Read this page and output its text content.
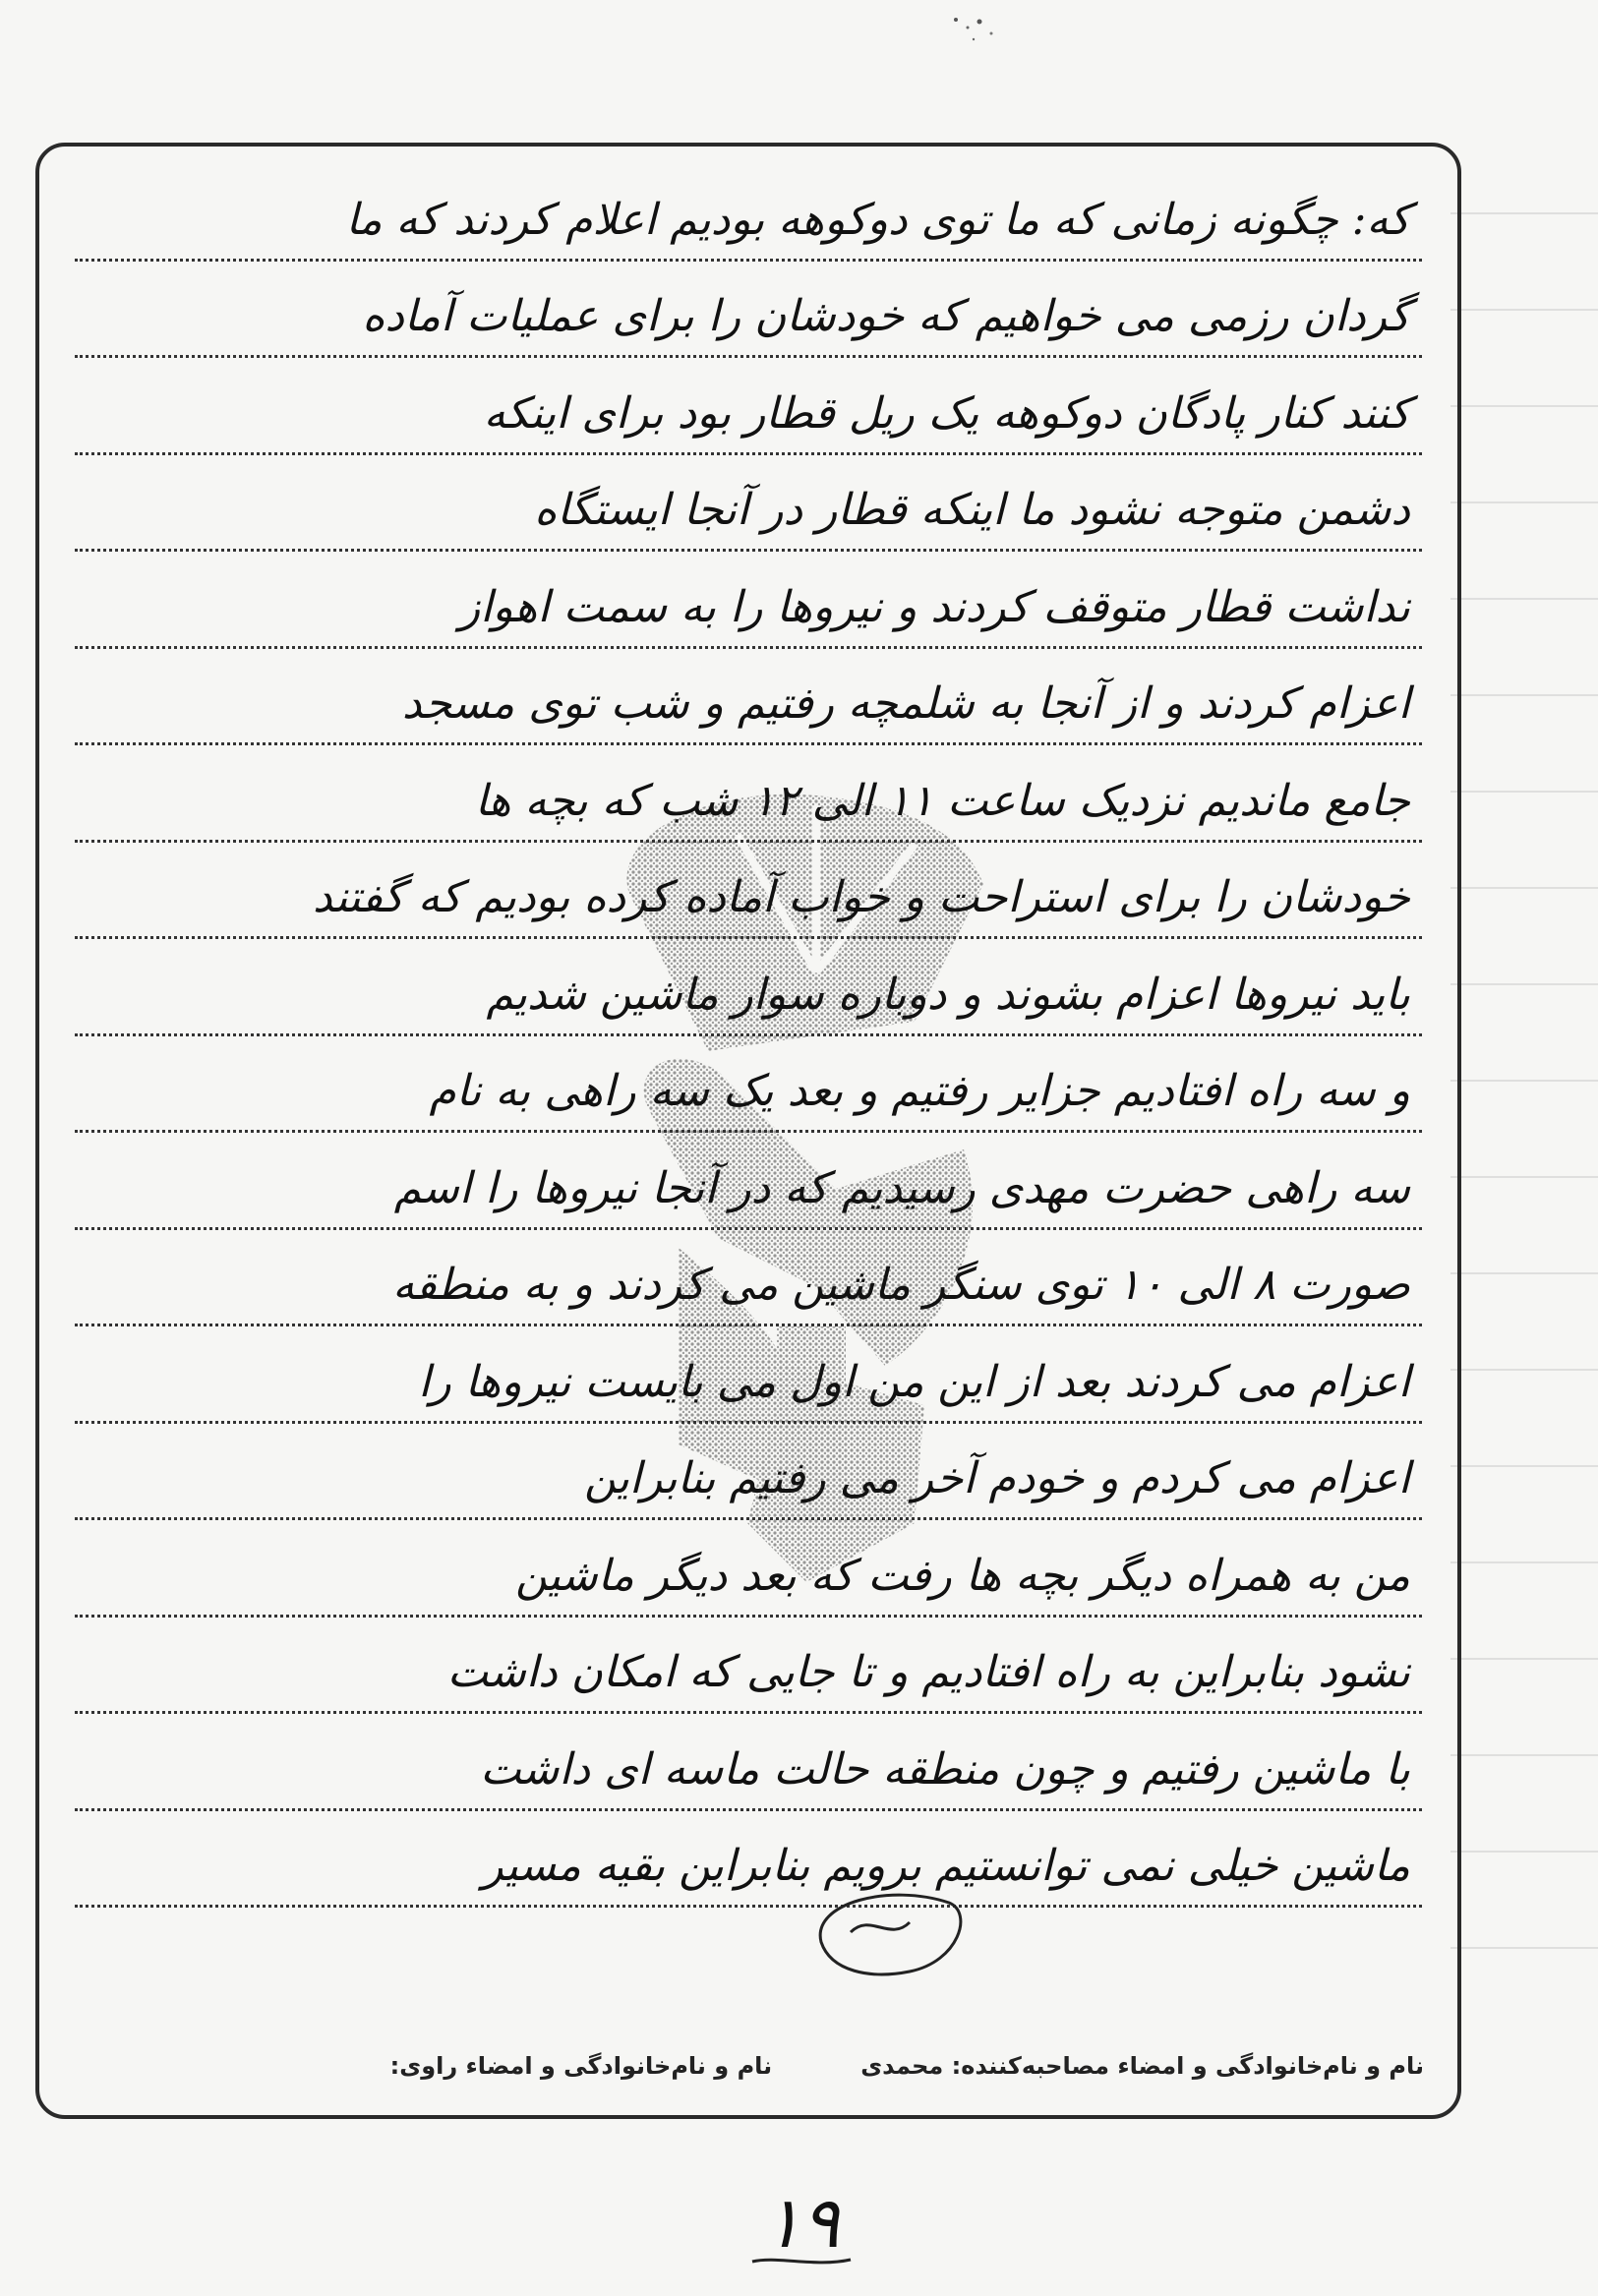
که: چگونه زمانی که ما توی دوکوهه بودیم اعلام کردند که ما
گردان رزمی می خواهیم که خودشان را برای عملیات آماده
کنند کنار پادگان دوکوهه یک ریل قطار بود برای اینکه
دشمن متوجه نشود ما اینکه قطار در آنجا ایستگاه
نداشت قطار متوقف کردند و نیروها را به سمت اهواز
اعزام کردند و از آنجا به شلمچه رفتیم و شب توی مسجد
جامع ماندیم نزدیک ساعت ۱۱ الی ۱۲ شب که بچه ها
خودشان را برای استراحت و خواب آماده کرده بودیم که گفتند
باید نیروها اعزام بشوند و دوباره سوار ماشین شدیم
و سه راه افتادیم جزایر رفتیم و بعد یک سه راهی به نام
سه راهی حضرت مهدی رسیدیم که در آنجا نیروها را اسم
صورت ۸ الی ۱۰ توی سنگر ماشین می کردند و به منطقه
اعزام می کردند بعد از این من اول می بایست نیروها را
اعزام می کردم و خودم آخر می رفتیم بنابراین
من به همراه دیگر بچه ها رفت که بعد دیگر ماشین
نشود بنابراین به راه افتادیم و تا جایی که امکان داشت
با ماشین رفتیم و چون منطقه حالت ماسه ای داشت
ماشین خیلی نمی توانستیم برویم بنابراین بقیه مسیر
نام و نام‌خانوادگی و امضاء مصاحبه‌کننده: محمدی
نام و نام‌خانوادگی و امضاء راوی:
۱۹
